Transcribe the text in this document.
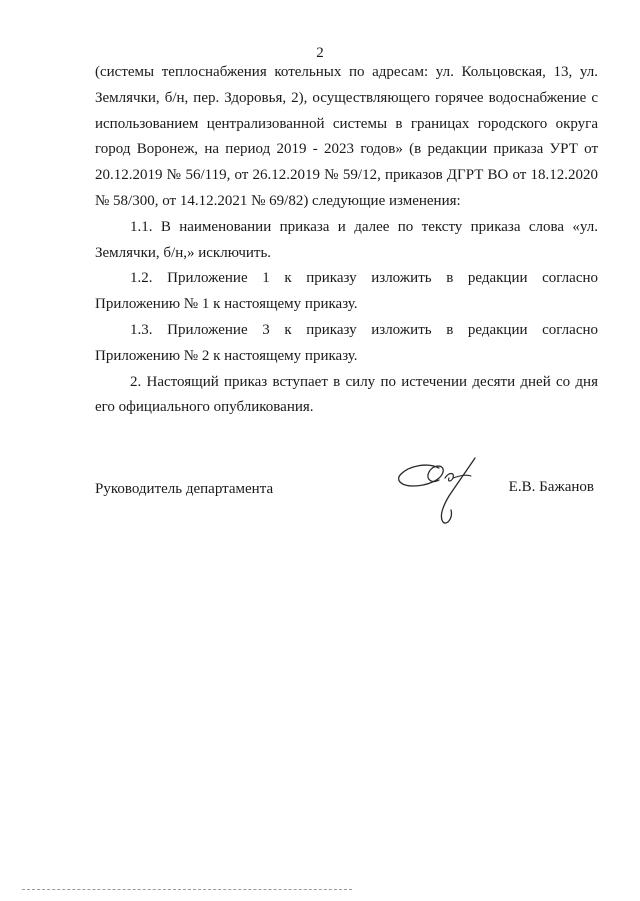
2

(системы теплоснабжения котельных по адресам: ул. Кольцовская, 13, ул. Землячки, б/н, пер. Здоровья, 2), осуществляющего горячее водоснабжение с использованием централизованной системы в границах городского округа город Воронеж, на период 2019 - 2023 годов» (в редакции приказа УРТ от 20.12.2019 № 56/119, от 26.12.2019 № 59/12, приказов ДГРТ ВО от 18.12.2020 № 58/300, от 14.12.2021 № 69/82) следующие изменения:

1.1. В наименовании приказа и далее по тексту приказа слова «ул. Землячки, б/н,» исключить.

1.2. Приложение 1 к приказу изложить в редакции согласно Приложению № 1 к настоящему приказу.

1.3. Приложение 3 к приказу изложить в редакции согласно Приложению № 2 к настоящему приказу.

2. Настоящий приказ вступает в силу по истечении десяти дней со дня его официального опубликования.

Руководитель департамента	Е.В. Бажанов
